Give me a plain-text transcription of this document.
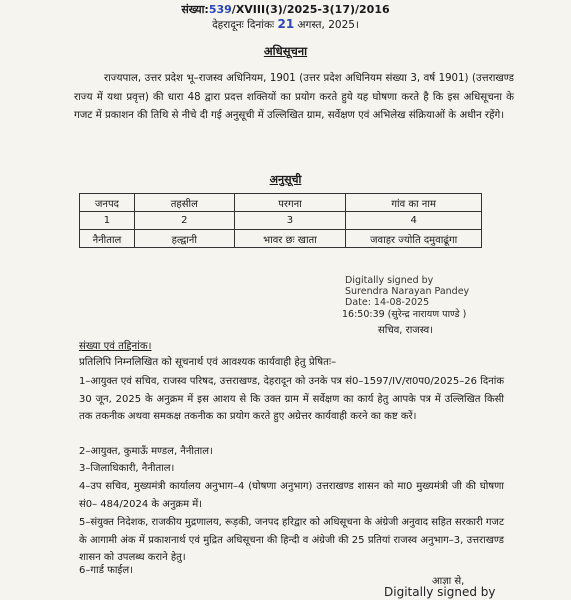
संख्या:539/XVIII(3)/2025-3(17)/2016
देहरादूनः दिनांकः 21 अगस्त, 2025।
अधिसूचना
राज्यपाल, उत्तर प्रदेश भू–राजस्व अधिनियम, 1901 (उत्तर प्रदेश अधिनियम संख्या 3, वर्ष 1901) (उत्तराखण्ड राज्य में यथा प्रवृत्त) की धारा 48 द्वारा प्रदत्त शक्तियों का प्रयोग करते हुये यह घोषणा करते है कि इस अधिसूचना के गजट में प्रकाशन की तिथि से नीचे दी गई अनुसूची में उल्लिखित ग्राम, सर्वेक्षण एवं अभिलेख संक्रियाओं के अधीन रहेंगे।
अनुसूची
जनपद	तहसील	परगना	गांव का नाम
1	2	3	4
नैनीताल	हल्द्वानी	भावर छः खाता	जवाहर ज्योति दमुवाढूंगा
Digitally signed by
Surendra Narayan Pandey
Date: 14-08-2025
16:50:39 (सुरेन्द्र नारायण पाण्डे )
सचिव, राजस्व।
संख्या एवं तद्दिनांक।
प्रतिलिपि निम्नलिखित को सूचनार्थ एवं आवश्यक कार्यवाही हेतु प्रेषितः–
1–आयुक्त एवं सचिव, राजस्व परिषद, उत्तराखण्ड, देहरादून को उनके पत्र सं0–1597/IV/रा0प0/2025–26 दिनांक 30 जून, 2025 के अनुक्रम में इस आशय से कि उक्त ग्राम में सर्वेक्षण का कार्य हेतु आपके पत्र में उल्लिखित किसी तक तकनीक अथवा समकक्ष तकनीक का प्रयोग करते हुए अग्रेत्तर कार्यवाही करने का कष्ट करें।
2–आयुक्त, कुमाऊँ मण्डल, नैनीताल।
3–जिलाधिकारी, नैनीताल।
4–उप सचिव, मुख्यमंत्री कार्यालय अनुभाग–4 (घोषणा अनुभाग) उत्तराखण्ड शासन को मा0 मुख्यमंत्री जी की घोषणा सं0– 484/2024 के अनुक्रम में।
5–संयुक्त निदेशक, राजकीय मुद्रणालय, रूड़की, जनपद हरिद्वार को अधिसूचना के अंग्रेजी अनुवाद सहित सरकारी गजट के आगामी अंक में प्रकाशनार्थ एवं मुद्रित अधिसूचना की हिन्दी व अंग्रेजी की 25 प्रतियां राजस्व अनुभाग–3, उत्तराखण्ड शासन को उपलब्ध कराने हेतु।
6–गार्ड फाईल।
आज्ञा से,
Digitally signed by
